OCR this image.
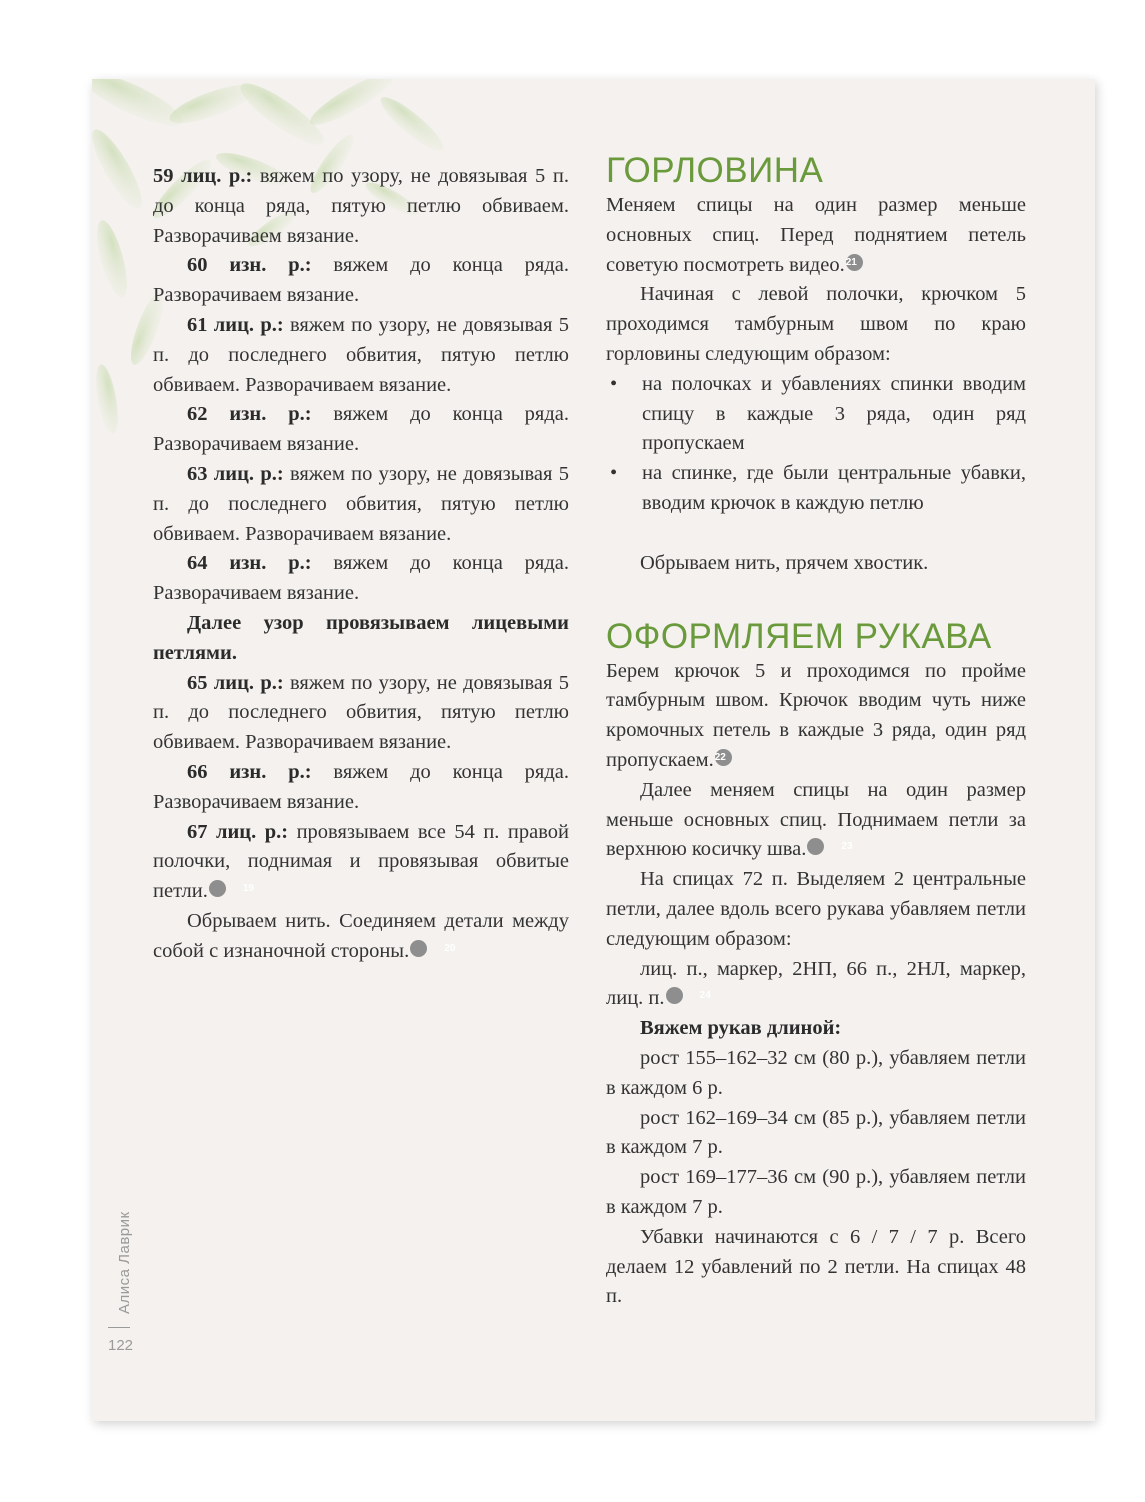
59 лиц. р.: вяжем по узору, не довязывая 5 п. до конца ряда, пятую петлю обвиваем. Разворачиваем вязание.

60 изн. р.: вяжем до конца ряда. Разворачиваем вязание.

61 лиц. р.: вяжем по узору, не довязывая 5 п. до последнего обвития, пятую петлю обвиваем. Разворачиваем вязание.

62 изн. р.: вяжем до конца ряда. Разворачиваем вязание.

63 лиц. р.: вяжем по узору, не довязывая 5 п. до последнего обвития, пятую петлю обвиваем. Разворачиваем вязание.

64 изн. р.: вяжем до конца ряда. Разворачиваем вязание.

Далее узор провязываем лицевыми петлями.

65 лиц. р.: вяжем по узору, не довязывая 5 п. до последнего обвития, пятую петлю обвиваем. Разворачиваем вязание.

66 изн. р.: вяжем до конца ряда. Разворачиваем вязание.

67 лиц. р.: провязываем все 54 п. правой полочки, поднимая и провязывая обвитые петли.	19

Обрываем нить. Соединяем детали между собой с изнаночной стороны.	20

ГОРЛОВИНА

Меняем спицы на один размер меньше основных спиц. Перед поднятием петель советую посмотреть видео.21

Начиная с левой полочки, крючком 5 проходимся тамбурным швом по краю горловины следующим образом:

• на полочках и убавлениях спинки вводим спицу в каждые 3 ряда, один ряд пропускаем
• на спинке, где были центральные убавки, вводим крючок в каждую петлю

Обрываем нить, прячем хвостик.

ОФОРМЛЯЕМ РУКАВА

Берем крючок 5 и проходимся по пройме тамбурным швом. Крючок вводим чуть ниже кромочных петель в каждые 3 ряда, один ряд пропускаем.22

Далее меняем спицы на один размер меньше основных спиц. Поднимаем петли за верхнюю косичку шва.	23

На спицах 72 п. Выделяем 2 центральные петли, далее вдоль всего рукава убавляем петли следующим образом:

лиц. п., маркер, 2НП, 66 п., 2НЛ, маркер, лиц. п.	24

Вяжем рукав длиной:

рост 155–162–32 см (80 р.), убавляем петли в каждом 6 р.

рост 162–169–34 см (85 р.), убавляем петли в каждом 7 р.

рост 169–177–36 см (90 р.), убавляем петли в каждом 7 р.

Убавки начинаются с 6 / 7 / 7 р. Всего делаем 12 убавлений по 2 петли. На спицах 48 п.

Алиса Лаврик
122
